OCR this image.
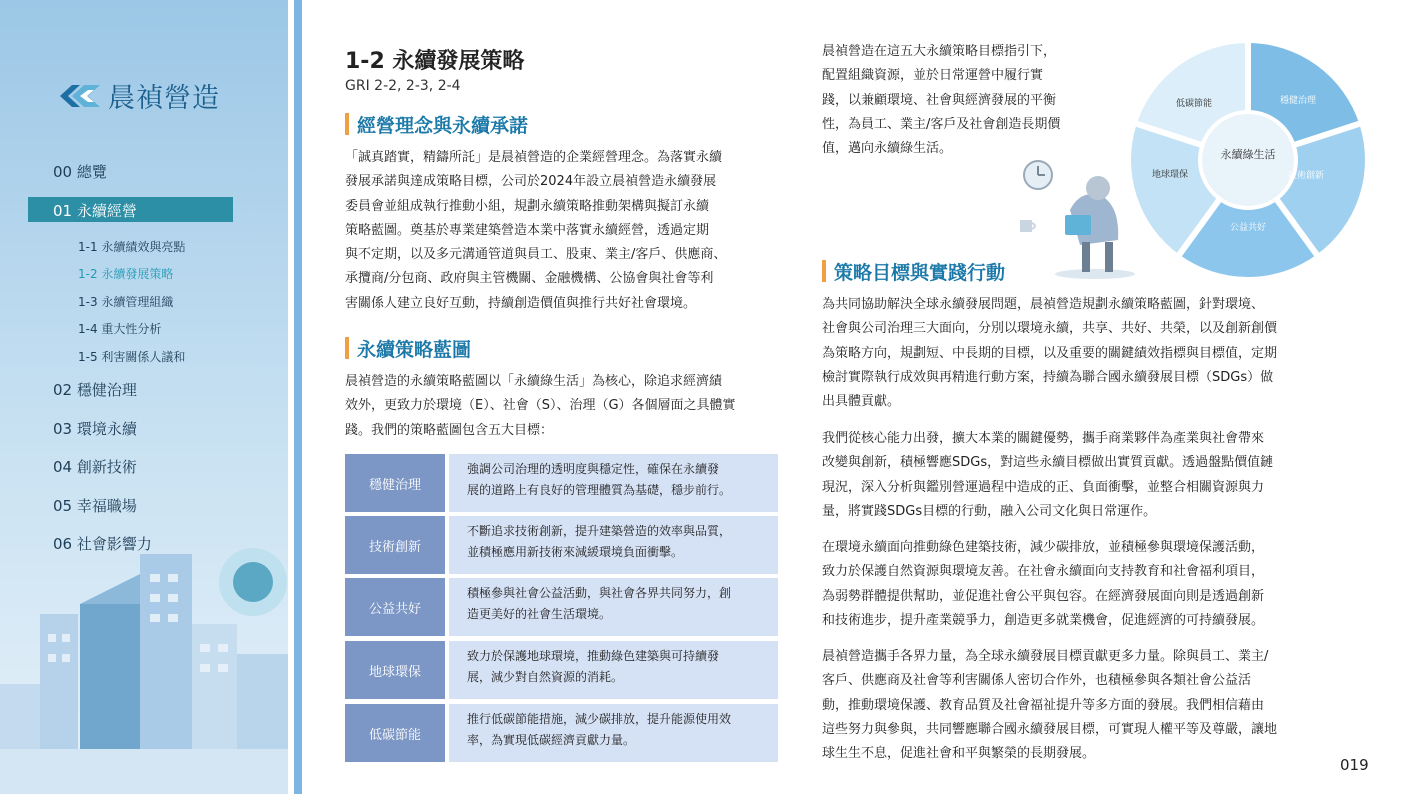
晨禎營造
00 總覽
01 永續經營
1-1 永續績效與亮點
1-2 永續發展策略
1-3 永續管理組織
1-4 重大性分析
1-5 利害關係人議和
02 穩健治理
03 環境永續
04 創新技術
05 幸福職場
06 社會影響力
1-2 永續發展策略
GRI 2-2, 2-3, 2-4
經營理念與永續承諾
「誠真踏實，精鑄所託」是晨禎營造的企業經營理念。為落實永續
發展承諾與達成策略目標，公司於2024年設立晨禎營造永續發展
委員會並組成執行推動小組，規劃永續策略推動架構與擬訂永續
策略藍圖。奠基於專業建築營造本業中落實永續經營，透過定期
與不定期，以及多元溝通管道與員工、股東、業主/客戶、供應商、
承攬商/分包商、政府與主管機關、金融機構、公協會與社會等利
害關係人建立良好互動，持續創造價值與推行共好社會環境。
永續策略藍圖
晨禎營造的永續策略藍圖以「永續綠生活」為核心，除追求經濟績
效外，更致力於環境（E）、社會（S）、治理（G）各個層面之具體實
踐。我們的策略藍圖包含五大目標：
穩健治理
強調公司治理的透明度與穩定性，確保在永續發
展的道路上有良好的管理體質為基礎，穩步前行。
技術創新
不斷追求技術創新，提升建築營造的效率與品質，
並積極應用新技術來減緩環境負面衝擊。
公益共好
積極參與社會公益活動，與社會各界共同努力，創
造更美好的社會生活環境。
地球環保
致力於保護地球環境，推動綠色建築與可持續發
展，減少對自然資源的消耗。
低碳節能
推行低碳節能措施，減少碳排放，提升能源使用效
率，為實現低碳經濟貢獻力量。
晨禎營造在這五大永續策略目標指引下，
配置組織資源，並於日常運營中履行實
踐，以兼顧環境、社會與經濟發展的平衡
性，為員工、業主/客戶及社會創造長期價
值，邁向永續綠生活。	永續綠生活
穩健治理
技術創新
公益共好
地球環保
低碳節能
策略目標與實踐行動
為共同協助解決全球永續發展問題，晨禎營造規劃永續策略藍圖，針對環境、
社會與公司治理三大面向，分別以環境永續，共享、共好、共榮，以及創新創價
為策略方向，規劃短、中長期的目標，以及重要的關鍵績效指標與目標值，定期
檢討實際執行成效與再精進行動方案，持續為聯合國永續發展目標（SDGs）做
出具體貢獻。
我們從核心能力出發，擴大本業的關鍵優勢，攜手商業夥伴為產業與社會帶來
改變與創新，積極響應SDGs，對這些永續目標做出實質貢獻。透過盤點價值鏈
現況，深入分析與鑑別營運過程中造成的正、負面衝擊，並整合相關資源與力
量，將實踐SDGs目標的行動，融入公司文化與日常運作。
在環境永續面向推動綠色建築技術，減少碳排放，並積極參與環境保護活動，
致力於保護自然資源與環境友善。在社會永續面向支持教育和社會福利項目，
為弱勢群體提供幫助，並促進社會公平與包容。在經濟發展面向則是透過創新
和技術進步，提升產業競爭力，創造更多就業機會，促進經濟的可持續發展。
晨禎營造攜手各界力量，為全球永續發展目標貢獻更多力量。除與員工、業主/
客戶、供應商及社會等利害關係人密切合作外，也積極參與各類社會公益活
動，推動環境保護、教育品質及社會福祉提升等多方面的發展。我們相信藉由
這些努力與參與，共同響應聯合國永續發展目標，可實現人權平等及尊嚴，讓地
球生生不息，促進社會和平與繁榮的長期發展。
019
